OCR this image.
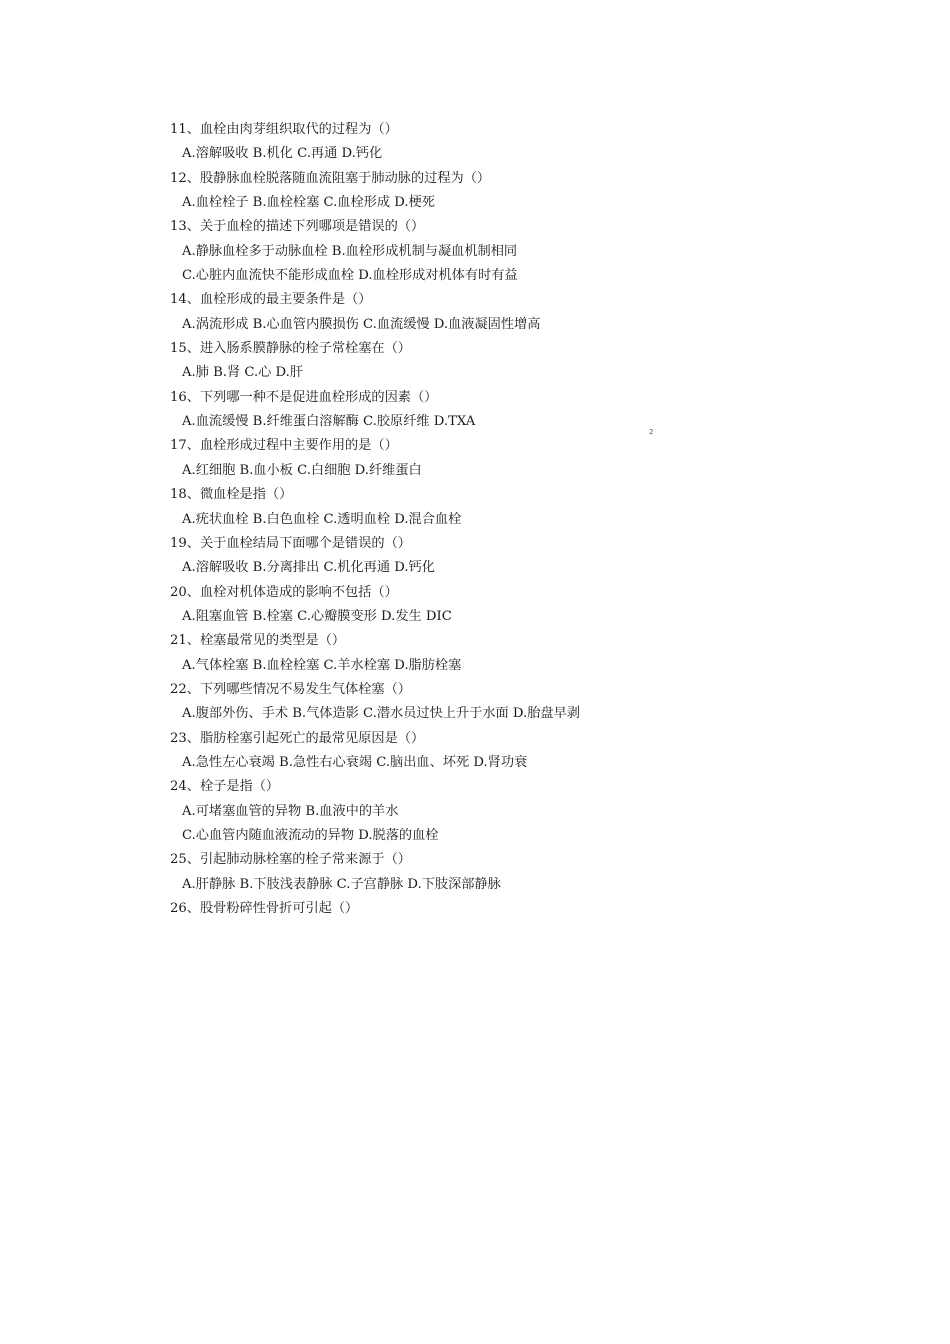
11、血栓由肉芽组织取代的过程为（）
A.溶解吸收 B.机化 C.再通 D.钙化
12、股静脉血栓脱落随血流阻塞于肺动脉的过程为（）
A.血栓栓子 B.血栓栓塞 C.血栓形成 D.梗死
13、关于血栓的描述下列哪项是错误的（）
A.静脉血栓多于动脉血栓 B.血栓形成机制与凝血机制相同
C.心脏内血流快不能形成血栓 D.血栓形成对机体有时有益
14、血栓形成的最主要条件是（）
A.涡流形成 B.心血管内膜损伤 C.血流缓慢 D.血液凝固性增高
15、进入肠系膜静脉的栓子常栓塞在（）
A.肺 B.肾 C.心 D.肝
16、下列哪一种不是促进血栓形成的因素（）
A.血流缓慢 B.纤维蛋白溶解酶 C.胶原纤维 D.TXA
17、血栓形成过程中主要作用的是（）
A.红细胞 B.血小板 C.白细胞 D.纤维蛋白
18、微血栓是指（）
A.疣状血栓 B.白色血栓 C.透明血栓 D.混合血栓
19、关于血栓结局下面哪个是错误的（）
A.溶解吸收 B.分离排出 C.机化再通 D.钙化
20、血栓对机体造成的影响不包括（）
A.阻塞血管 B.栓塞 C.心瓣膜变形 D.发生 DIC
21、栓塞最常见的类型是（）
A.气体栓塞 B.血栓栓塞 C.羊水栓塞 D.脂肪栓塞
22、下列哪些情况不易发生气体栓塞（）
A.腹部外伤、手术 B.气体造影 C.潜水员过快上升于水面 D.胎盘早剥
23、脂肪栓塞引起死亡的最常见原因是（）
A.急性左心衰竭 B.急性右心衰竭 C.脑出血、坏死 D.肾功衰
24、栓子是指（）
A.可堵塞血管的异物 B.血液中的羊水
C.心血管内随血液流动的异物 D.脱落的血栓
25、引起肺动脉栓塞的栓子常来源于（）
A.肝静脉 B.下肢浅表静脉 C.子宫静脉 D.下肢深部静脉
26、股骨粉碎性骨折可引起（）
2
